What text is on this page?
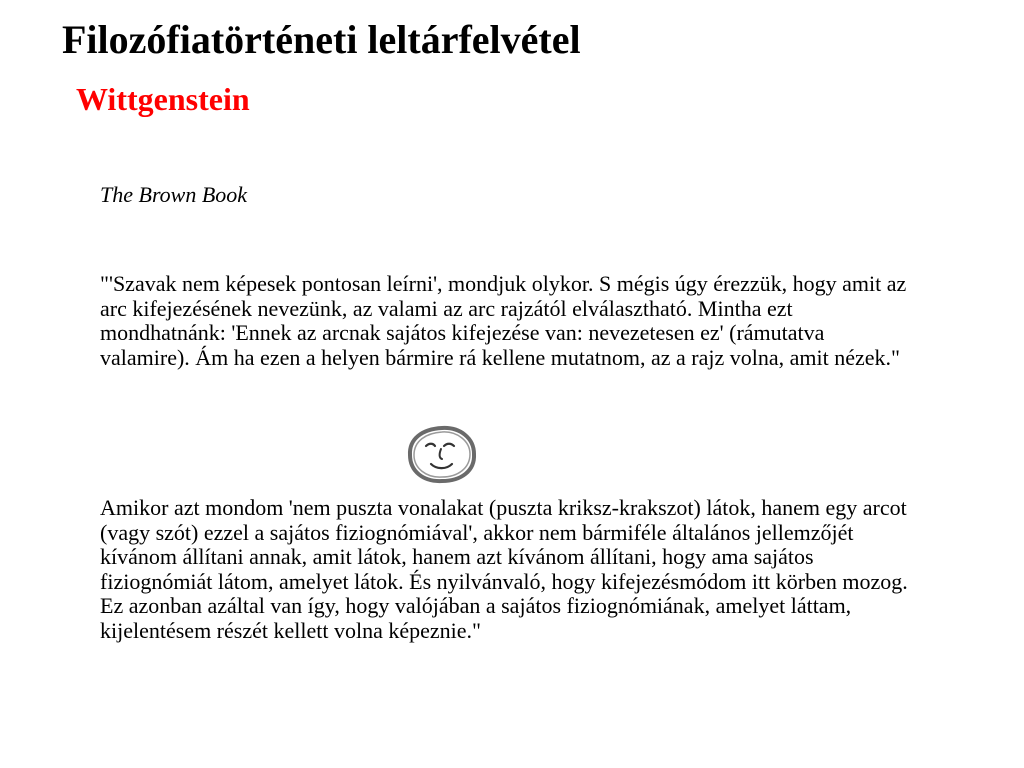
Filozófiatörténeti leltárfelvétel
Wittgenstein
The Brown Book
"'Szavak nem képesek pontosan leírni', mondjuk olykor. S mégis úgy érezzük, hogy amit az arc kifejezésének nevezünk, az valami az arc rajzától elválasztható. Mintha ezt mondhatnánk: 'Ennek az arcnak sajátos kifejezése van: nevezetesen ez' (rámutatva valamire). Ám ha ezen a helyen bármire rá kellene mutatnom, az a rajz volna, amit nézek."
Amikor azt mondom 'nem puszta vonalakat (puszta kriksz-krakszot) látok, hanem egy arcot (vagy szót) ezzel a sajátos fiziognómiával', akkor nem bármiféle általános jellemzőjét kívánom állítani annak, amit látok, hanem azt kívánom állítani, hogy ama sajátos fiziognómiát látom, amelyet látok. És nyilvánvaló, hogy kifejezésmódom itt körben mozog. Ez azonban azáltal van így, hogy valójában a sajátos fiziognómiának, amelyet láttam, kijelentésem részét kellett volna képeznie."
